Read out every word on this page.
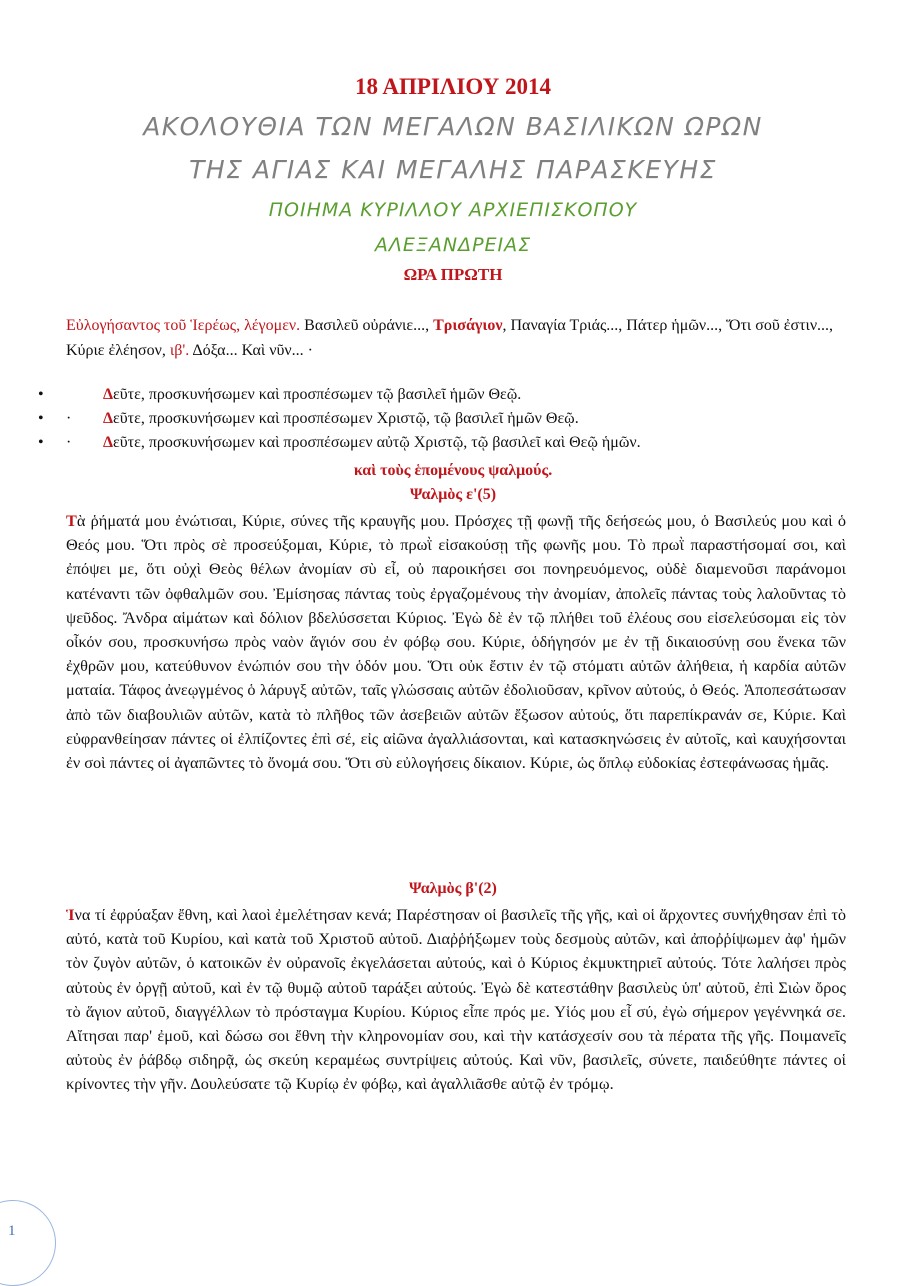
18 ΑΠΡΙΛΙΟΥ 2014
ΑΚΟΛΟΥΘΙΑ ΤΩΝ ΜΕΓΑΛΩΝ ΒΑΣΙΛΙΚΩΝ ΩΡΩΝ
ΤΗΣ ΑΓΙΑΣ ΚΑΙ ΜΕΓΑΛΗΣ ΠΑΡΑΣΚΕΥΗΣ
ΠΟΙΗΜΑ ΚΥΡΙΛΛΟΥ ΑΡΧΙΕΠΙΣΚΟΠΟΥ
ΑΛΕΞΑΝΔΡΕΙΑΣ
ΩΡΑ ΠΡΩΤΗ
Εὐλογήσαντος τοῦ Ἱερέως, λέγομεν. Βασιλεῦ οὐράνιε..., Τρισάγιον, Παναγία Τριάς..., Πάτερ ἡμῶν..., Ὅτι σοῦ ἐστιν..., Κύριε ἐλέησον, ιβ'. Δόξα... Καὶ νῦν... ·
•	Δεῦτε, προσκυνήσωμεν καὶ προσπέσωμεν τῷ βασιλεῖ ἡμῶν Θεῷ.
• · Δεῦτε, προσκυνήσωμεν καὶ προσπέσωμεν Χριστῷ, τῷ βασιλεῖ ἡμῶν Θεῷ.
• · Δεῦτε, προσκυνήσωμεν καὶ προσπέσωμεν αὐτῷ Χριστῷ, τῷ βασιλεῖ καὶ Θεῷ ἡμῶν.
καὶ τοὺς ἑπομένους ψαλμούς.
Ψαλμὸς ε'(5)
Τὰ ῥήματά μου ἐνώτισαι, Κύριε, σύνες τῆς κραυγῆς μου. Πρόσχες τῇ φωνῇ τῆς δεήσεώς μου, ὁ Βασιλεύς μου καὶ ὁ Θεός μου. Ὅτι πρὸς σὲ προσεύξομαι, Κύριε, τὸ πρωῒ εἰσακούσῃ τῆς φωνῆς μου. Τὸ πρωῒ παραστήσομαί σοι, καὶ ἐπόψει με, ὅτι οὐχὶ Θεὸς θέλων ἀνομίαν σὺ εἶ, οὐ παροικήσει σοι πονηρευόμενος, οὐδὲ διαμενοῦσι παράνομοι κατέναντι τῶν ὀφθαλμῶν σου. Ἐμίσησας πάντας τοὺς ἐργαζομένους τὴν ἀνομίαν, ἀπολεῖς πάντας τοὺς λαλοῦντας τὸ ψεῦδος. Ἄνδρα αἱμάτων καὶ δόλιον βδελύσσεται Κύριος. Ἐγὼ δὲ ἐν τῷ πλήθει τοῦ ἐλέους σου εἰσελεύσομαι εἰς τὸν οἶκόν σου, προσκυνήσω πρὸς ναὸν ἅγιόν σου ἐν φόβῳ σου. Κύριε, ὁδήγησόν με ἐν τῇ δικαιοσύνῃ σου ἕνεκα τῶν ἐχθρῶν μου, κατεύθυνον ἐνώπιόν σου τὴν ὁδόν μου. Ὅτι οὐκ ἔστιν ἐν τῷ στόματι αὐτῶν ἀλήθεια, ἡ καρδία αὐτῶν ματαία. Τάφος ἀνεῳγμένος ὁ λάρυγξ αὐτῶν, ταῖς γλώσσαις αὐτῶν ἐδολιοῦσαν, κρῖνον αὐτούς, ὁ Θεός. Ἀποπεσάτωσαν ἀπὸ τῶν διαβουλιῶν αὐτῶν, κατὰ τὸ πλῆθος τῶν ἀσεβειῶν αὐτῶν ἔξωσον αὐτούς, ὅτι παρεπίκρανάν σε, Κύριε. Καὶ εὐφρανθείησαν πάντες οἱ ἐλπίζοντες ἐπὶ σέ, εἰς αἰῶνα ἀγαλλιάσονται, καὶ κατασκηνώσεις ἐν αὐτοῖς, καὶ καυχήσονται ἐν σοὶ πάντες οἱ ἀγαπῶντες τὸ ὄνομά σου. Ὅτι σὺ εὐλογήσεις δίκαιον. Κύριε, ὡς ὅπλῳ εὐδοκίας ἐστεφάνωσας ἡμᾶς.
Ψαλμὸς β'(2)
Ἱνα τί ἐφρύαξαν ἔθνη, καὶ λαοὶ ἐμελέτησαν κενά; Παρέστησαν οἱ βασιλεῖς τῆς γῆς, καὶ οἱ ἄρχοντες συνήχθησαν ἐπὶ τὸ αὐτό, κατὰ τοῦ Κυρίου, καὶ κατὰ τοῦ Χριστοῦ αὐτοῦ. Διαῤῥήξωμεν τοὺς δεσμοὺς αὐτῶν, καὶ ἀποῤῥίψωμεν ἀφ' ἡμῶν τὸν ζυγὸν αὐτῶν, ὁ κατοικῶν ἐν οὐρανοῖς ἐκγελάσεται αὐτούς, καὶ ὁ Κύριος ἐκμυκτηριεῖ αὐτούς. Τότε λαλήσει πρὸς αὐτοὺς ἐν ὀργῇ αὐτοῦ, καὶ ἐν τῷ θυμῷ αὐτοῦ ταράξει αὐτούς. Ἐγὼ δὲ κατεστάθην βασιλεὺς ὑπ' αὐτοῦ, ἐπὶ Σιὼν ὄρος τὸ ἅγιον αὐτοῦ, διαγγέλλων τὸ πρόσταγμα Κυρίου. Κύριος εἶπε πρός με. Υἱός μου εἶ σύ, ἐγὼ σήμερον γεγέννηκά σε. Αἴτησαι παρ' ἐμοῦ, καὶ δώσω σοι ἔθνη τὴν κληρονομίαν σου, καὶ τὴν κατάσχεσίν σου τὰ πέρατα τῆς γῆς. Ποιμανεῖς αὐτοὺς ἐν ῥάβδῳ σιδηρᾷ, ὡς σκεύη κεραμέως συντρίψεις αὐτούς. Καὶ νῦν, βασιλεῖς, σύνετε, παιδεύθητε πάντες οἱ κρίνοντες τὴν γῆν. Δουλεύσατε τῷ Κυρίῳ ἐν φόβῳ, καὶ ἀγαλλιᾶσθε αὐτῷ ἐν τρόμῳ.
1
